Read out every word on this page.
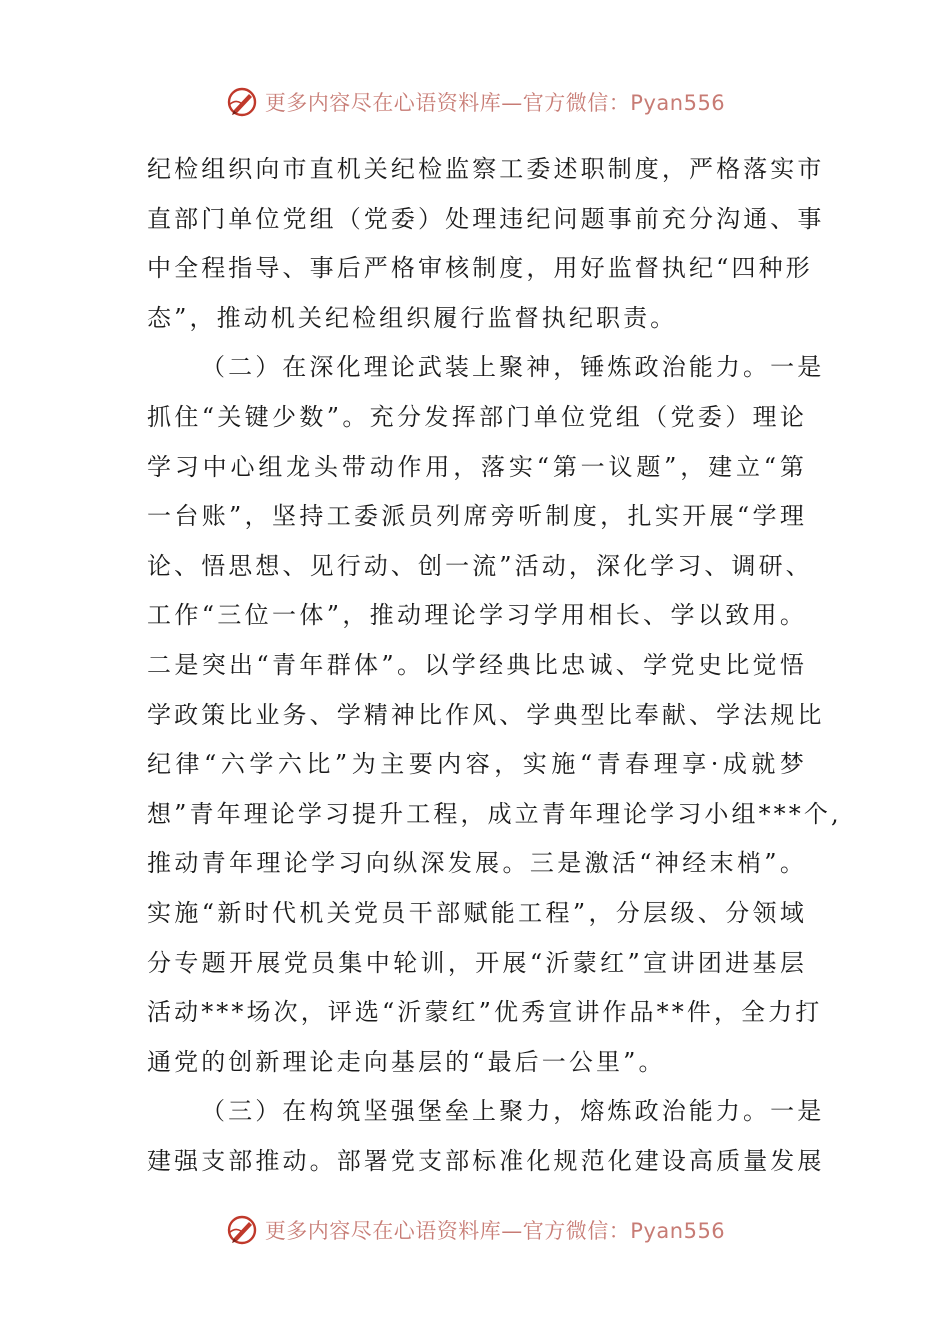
更多内容尽在心语资料库—官方微信：Pyan556
纪检组织向市直机关纪检监察工委述职制度，严格落实市
直部门单位党组（党委）处理违纪问题事前充分沟通、事
中全程指导、事后严格审核制度，用好监督执纪“四种形
态”，推动机关纪检组织履行监督执纪职责。
（二）在深化理论武装上聚神，锤炼政治能力。一是
抓住“关键少数”。充分发挥部门单位党组（党委）理论
学习中心组龙头带动作用，落实“第一议题”，建立“第
一台账”，坚持工委派员列席旁听制度，扎实开展“学理
论、悟思想、见行动、创一流”活动，深化学习、调研、
工作“三位一体”，推动理论学习学用相长、学以致用。
二是突出“青年群体”。以学经典比忠诚、学党史比觉悟
学政策比业务、学精神比作风、学典型比奉献、学法规比
纪律“六学六比”为主要内容，实施“青春理享·成就梦
想”青年理论学习提升工程，成立青年理论学习小组***个,
推动青年理论学习向纵深发展。三是激活“神经末梢”。
实施“新时代机关党员干部赋能工程”，分层级、分领域
分专题开展党员集中轮训，开展“沂蒙红”宣讲团进基层
活动***场次，评选“沂蒙红”优秀宣讲作品**件，全力打
通党的创新理论走向基层的“最后一公里”。
（三）在构筑坚强堡垒上聚力，熔炼政治能力。一是
建强支部推动。部署党支部标准化规范化建设高质量发展
更多内容尽在心语资料库—官方微信：Pyan556
